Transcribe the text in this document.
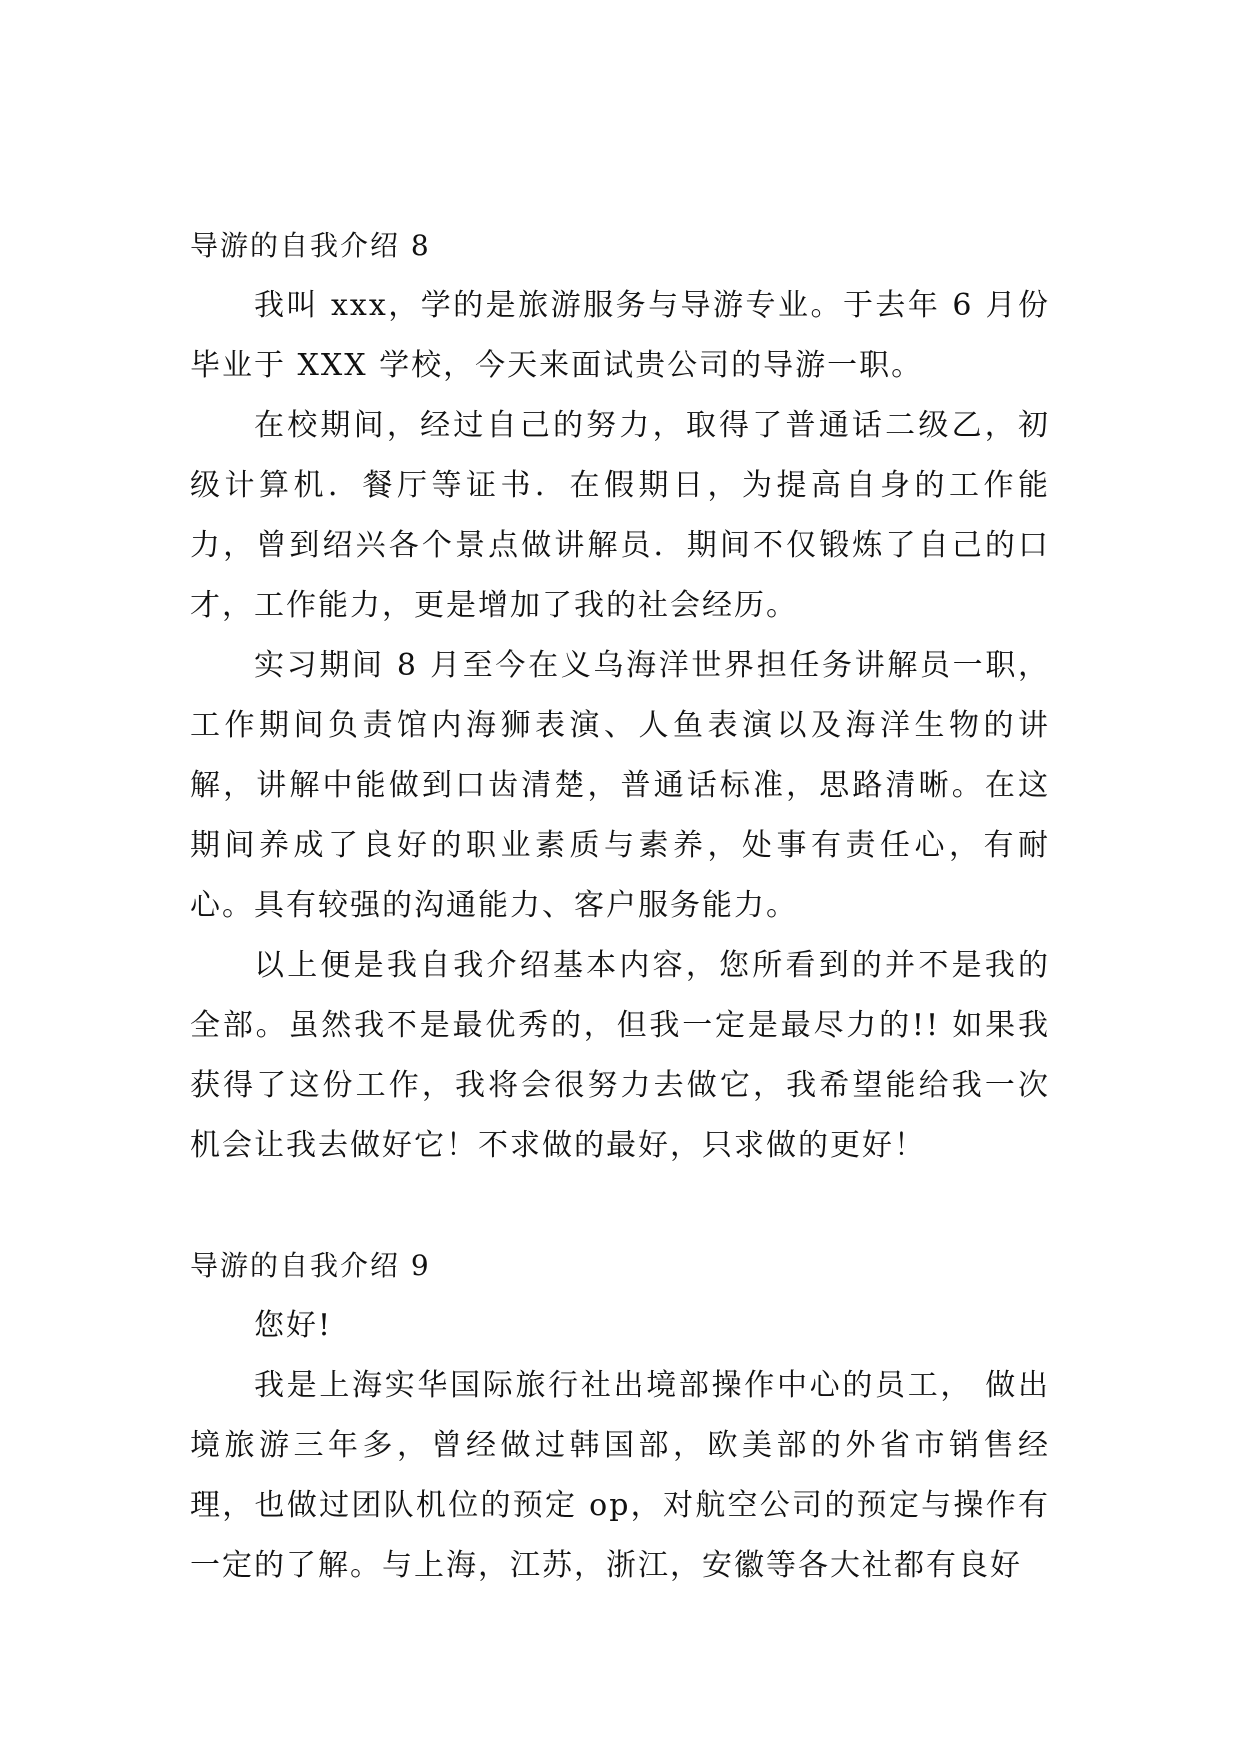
导游的自我介绍 8

我叫 xxx，学的是旅游服务与导游专业。于去年 6 月份毕业于 XXX 学校，今天来面试贵公司的导游一职。

在校期间，经过自己的努力，取得了普通话二级乙，初级计算机．餐厅等证书．在假期日，为提高自身的工作能力，曾到绍兴各个景点做讲解员．期间不仅锻炼了自己的口才，工作能力，更是增加了我的社会经历。

实习期间 8 月至今在义乌海洋世界担任务讲解员一职，工作期间负责馆内海狮表演、人鱼表演以及海洋生物的讲解，讲解中能做到口齿清楚，普通话标准，思路清晰。在这期间养成了良好的职业素质与素养，处事有责任心，有耐心。具有较强的沟通能力、客户服务能力。

以上便是我自我介绍基本内容，您所看到的并不是我的全部。虽然我不是最优秀的，但我一定是最尽力的!! 如果我获得了这份工作，我将会很努力去做它，我希望能给我一次机会让我去做好它！不求做的最好，只求做的更好！

导游的自我介绍 9

您好!

我是上海实华国际旅行社出境部操作中心的员工， 做出境旅游三年多，曾经做过韩国部，欧美部的外省市销售经理，也做过团队机位的预定 op，对航空公司的预定与操作有一定的了解。与上海，江苏，浙江，安徽等各大社都有良好
